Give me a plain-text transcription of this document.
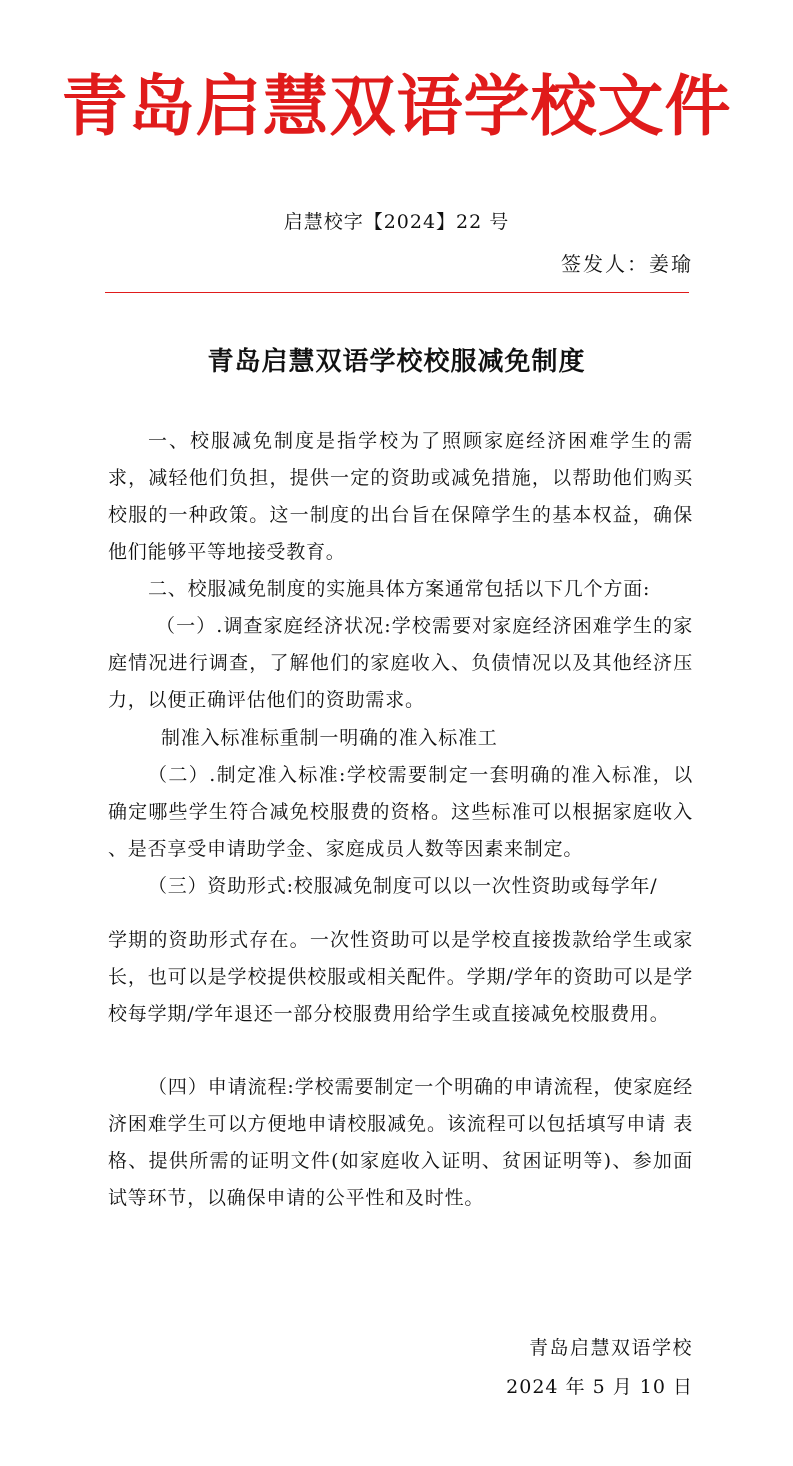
青岛启慧双语学校文件
启慧校字【2024】22 号
签发人：姜瑜
青岛启慧双语学校校服减免制度

一、校服减免制度是指学校为了照顾家庭经济困难学生的需求，减轻他们负担，提供一定的资助或减免措施，以帮助他们购买校服的一种政策。这一制度的出台旨在保障学生的基本权益，确保他们能够平等地接受教育。

二、校服减免制度的实施具体方案通常包括以下几个方面:

（一）.调查家庭经济状况:学校需要对家庭经济困难学生的家庭情况进行调查，了解他们的家庭收入、负债情况以及其他经济压力，以便正确评估他们的资助需求。

制准入标准标重制一明确的准入标准工

（二）.制定准入标准:学校需要制定一套明确的准入标准，以确定哪些学生符合减免校服费的资格。这些标准可以根据家庭收入 、是否享受申请助学金、家庭成员人数等因素来制定。

（三）资助形式:校服减免制度可以以一次性资助或每学年/

学期的资助形式存在。一次性资助可以是学校直接拨款给学生或家长，也可以是学校提供校服或相关配件。学期/学年的资助可以是学校每学期/学年退还一部分校服费用给学生或直接减免校服费用。

（四）申请流程:学校需要制定一个明确的申请流程，使家庭经济困难学生可以方便地申请校服减免。该流程可以包括填写申请 表格、提供所需的证明文件(如家庭收入证明、贫困证明等)、参加面试等环节，以确保申请的公平性和及时性。

青岛启慧双语学校
2024 年 5 月 10 日
